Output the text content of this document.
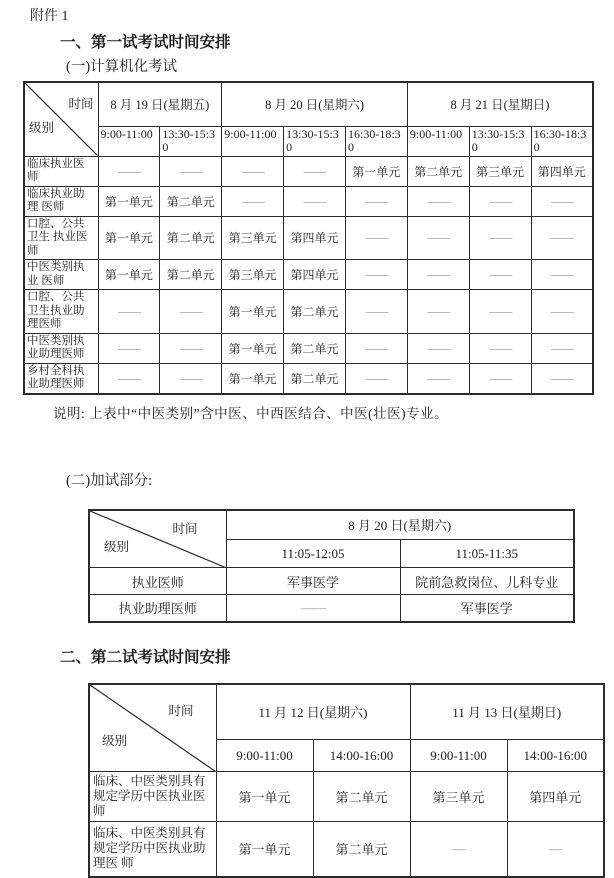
附件 1
一、第一试考试时间安排
(一)计算机化考试
时间
级别	8 月 19 日(星期五)		8 月 20 日(星期六)			8 月 21 日(星期日)		
	9:00-11:00	13:30-15:30	9:00-11:00	13:30-15:30	16:30-18:30	9:00-11:00	13:30-15:30	16:30-18:30
临床执业医师	——	——	——	——	第一单元	第二单元	第三单元	第四单元
临床执业助理 医师	第一单元	第二单元	——	——	——	——	——	——
口腔、公共卫生 执业医师	第一单元	第二单元	第三单元	第四单元	——	——	——	——
中医类别执业 医师	第一单元	第二单元	第三单元	第四单元	——	——	——	——
口腔、公共卫生执业助理医师	——	——	第一单元	第二单元	——	——	——	——
中医类别执业助理医师	——	——	第一单元	第二单元	——	——	——	——
乡村全科执业助理医师	——	——	第一单元	第二单元	——	——	——	——
说明: 上表中“中医类别”含中医、中西医结合、中医(壮医)专业。
(二)加试部分:
时间
级别	8 月 20 日(星期六)	
	11:05-12:05	11:05-11:35
执业医师	军事医学	院前急救岗位、儿科专业
执业助理医师	——	军事医学
二、第二试考试时间安排
时间
级别	11 月 12 日(星期六)		11 月 13 日(星期日)	
	9:00-11:00	14:00-16:00	9:00-11:00	14:00-16:00
临床、中医类别具有规定学历中医执业医师	第一单元	第二单元	第三单元	第四单元
临床、中医类别具有规定学历中医执业助理医 师	第一单元	第二单元	—	—
